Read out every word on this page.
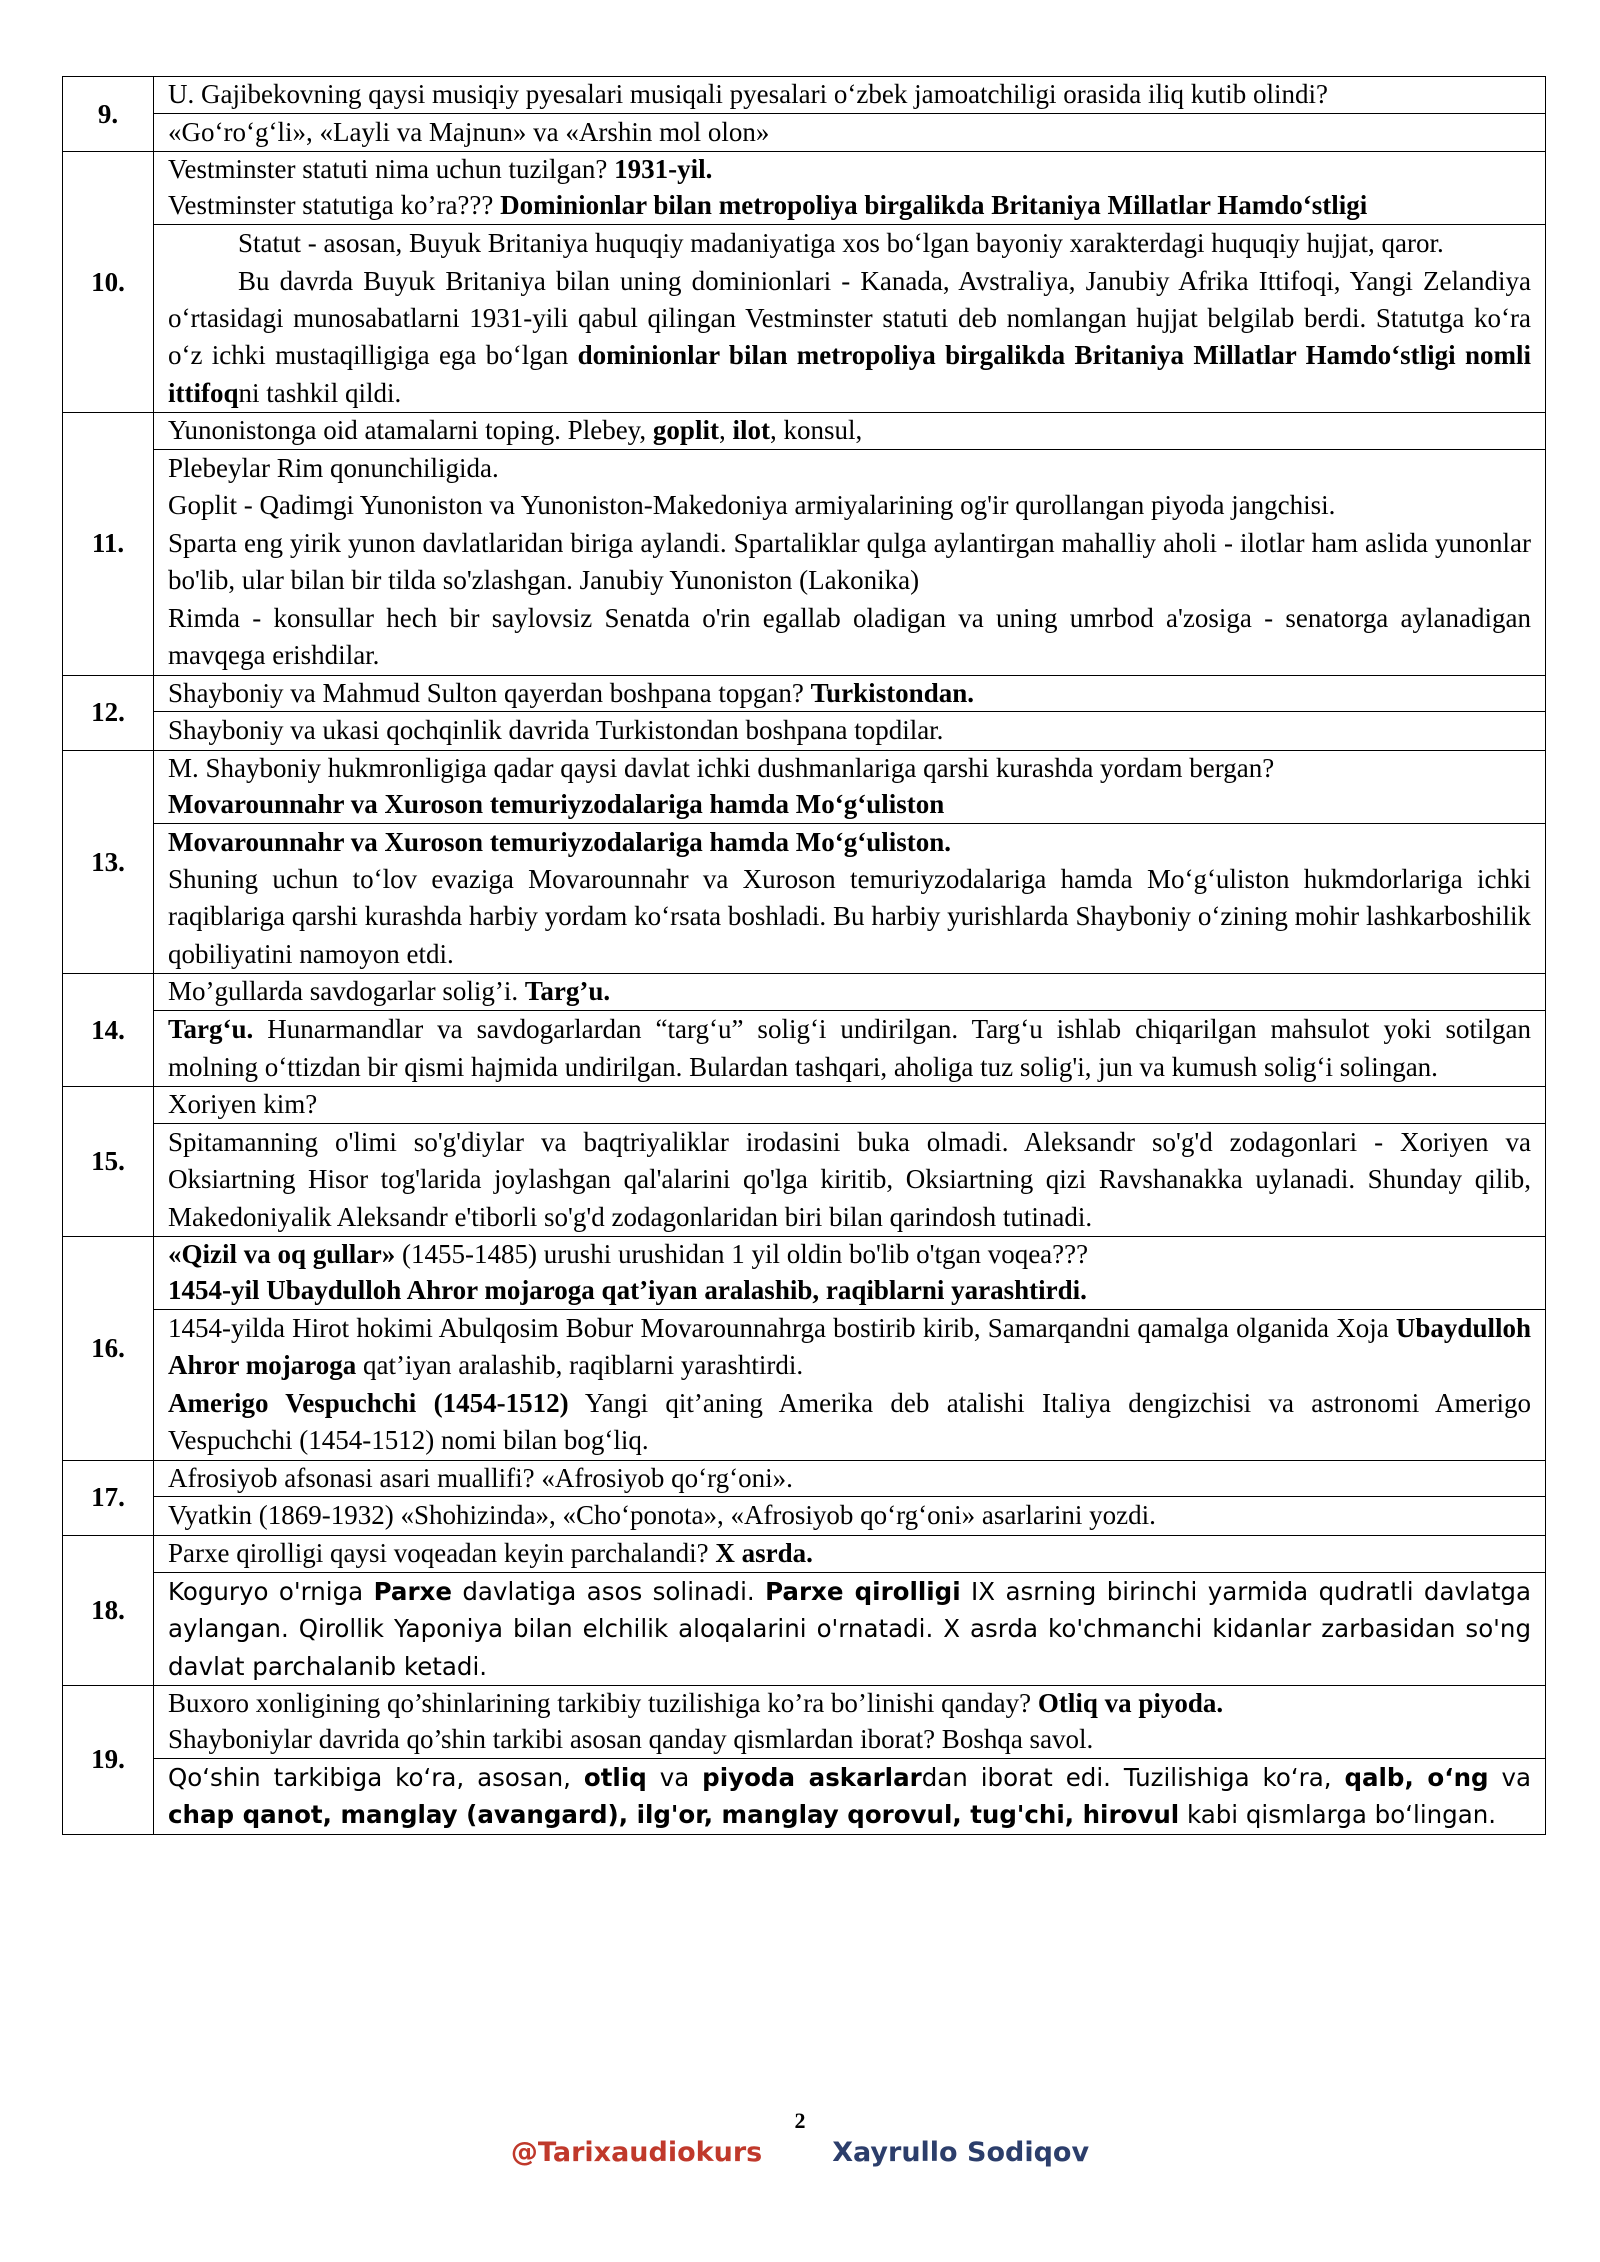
9.	U. Gajibekovning qaysi musiqiy pyesalari musiqali pyesalari o‘zbek jamoatchiligi orasida iliq kutib olindi?

	«Go‘ro‘g‘li», «Layli va Majnun» va «Arshin mol olon»

10.	Vestminster statuti nima uchun tuzilgan? 1931-yil.

Vestminster statutiga ko’ra??? Dominionlar bilan metropoliya birgalikda Britaniya Millatlar Hamdo‘stligi

	Statut - asosan, Buyuk Britaniya huquqiy madaniyatiga xos bo‘lgan bayoniy xarakterdagi huquqiy hujjat, qaror.

Bu davrda Buyuk Britaniya bilan uning dominionlari - Kanada, Avstraliya, Janubiy Afrika Ittifoqi, Yangi Zelandiya o‘rtasidagi munosabatlarni 1931-yili qabul qilingan Vestminster statuti deb nomlangan hujjat belgilab berdi. Statutga ko‘ra o‘z ichki mustaqilligiga ega bo‘lgan dominionlar bilan metropoliya birgalikda Britaniya Millatlar Hamdo‘stligi nomli ittifoqni tashkil qildi.

11.	Yunonistonga oid atamalarni toping. Plebey, goplit, ilot, konsul,

	Plebeylar Rim qonunchiligida.

Goplit - Qadimgi Yunoniston va Yunoniston-Makedoniya armiyalarining og'ir qurollangan piyoda jangchisi.

Sparta eng yirik yunon davlatlaridan biriga aylandi. Spartaliklar qulga aylantirgan mahalliy aholi - ilotlar ham aslida yunonlar bo'lib, ular bilan bir tilda so'zlashgan. Janubiy Yunoniston (Lakonika)

Rimda - konsullar hech bir saylovsiz Senatda o'rin egallab oladigan va uning umrbod a'zosiga - senatorga aylanadigan mavqega erishdilar.

12.	Shayboniy va Mahmud Sulton qayerdan boshpana topgan? Turkistondan.

	Shayboniy va ukasi qochqinlik davrida Turkistondan boshpana topdilar.

13.	M. Shayboniy hukmronligiga qadar qaysi davlat ichki dushmanlariga qarshi kurashda yordam bergan?

Movarounnahr va Xuroson temuriyzodalariga hamda Mo‘g‘uliston

	Movarounnahr va Xuroson temuriyzodalariga hamda Mo‘g‘uliston.

Shuning uchun to‘lov evaziga Movarounnahr va Xuroson temuriyzodalariga hamda Mo‘g‘uliston hukmdorlariga ichki raqiblariga qarshi kurashda harbiy yordam ko‘rsata boshladi. Bu harbiy yurishlarda Shayboniy o‘zining mohir lashkarboshilik qobiliyatini namoyon etdi.

14.	Mo’gullarda savdogarlar solig’i. Targ’u.

	Targ‘u. Hunarmandlar va savdogarlardan “targ‘u” solig‘i undirilgan. Targ‘u ishlab chiqarilgan mahsulot yoki sotilgan molning o‘ttizdan bir qismi hajmida undirilgan. Bulardan tashqari, aholiga tuz solig'i, jun va kumush solig‘i solingan.

15.	Xoriyen kim?

	Spitamanning o'limi so'g'diylar va baqtriyaliklar irodasini buka olmadi. Aleksandr so'g'd zodagonlari - Xoriyen va Oksiartning Hisor tog'larida joylashgan qal'alarini qo'lga kiritib, Oksiartning qizi Ravshanakka uylanadi. Shunday qilib, Makedoniyalik Aleksandr e'tiborli so'g'd zodagonlaridan biri bilan qarindosh tutinadi.

16.	«Qizil va oq gullar» (1455-1485) urushi urushidan 1 yil oldin bo'lib o'tgan voqea???

1454-yil Ubaydulloh Ahror mojaroga qat’iyan aralashib, raqiblarni yarashtirdi.

	1454-yilda Hirot hokimi Abulqosim Bobur Movarounnahrga bostirib kirib, Samarqandni qamalga olganida Xoja Ubaydulloh Ahror mojaroga qat’iyan aralashib, raqiblarni yarashtirdi.

Amerigo Vespuchchi (1454-1512) Yangi qit’aning Amerika deb atalishi Italiya dengizchisi va astronomi Amerigo Vespuchchi (1454-1512) nomi bilan bog‘liq.

17.	Afrosiyob afsonasi asari muallifi? «Afrosiyob qo‘rg‘oni».

	Vyatkin (1869-1932) «Shohizinda», «Cho‘ponota», «Afrosiyob qo‘rg‘oni» asarlarini yozdi.

18.	Parxe qirolligi qaysi voqeadan keyin parchalandi? X asrda.

	Koguryo o'rniga Parxe davlatiga asos solinadi. Parxe qirolligi IX asrning birinchi yarmida qudratli davlatga aylangan. Qirollik Yaponiya bilan elchilik aloqalarini o'rnatadi. X asrda ko'chmanchi kidanlar zarbasidan so'ng davlat parchalanib ketadi.

19.	Buxoro xonligining qo’shinlarining tarkibiy tuzilishiga ko’ra bo’linishi qanday? Otliq va piyoda.

Shayboniylar davrida qo’shin tarkibi asosan qanday qismlardan iborat? Boshqa savol.

	Qo‘shin tarkibiga ko‘ra, asosan, otliq va piyoda askarlardan iborat edi. Tuzilishiga ko‘ra, qalb, o‘ng va chap qanot, manglay (avangard), ilg'or, manglay qorovul, tug'chi, hirovul kabi qismlarga bo‘lingan.

2
@Tarixaudiokurs	Xayrullo Sodiqov
